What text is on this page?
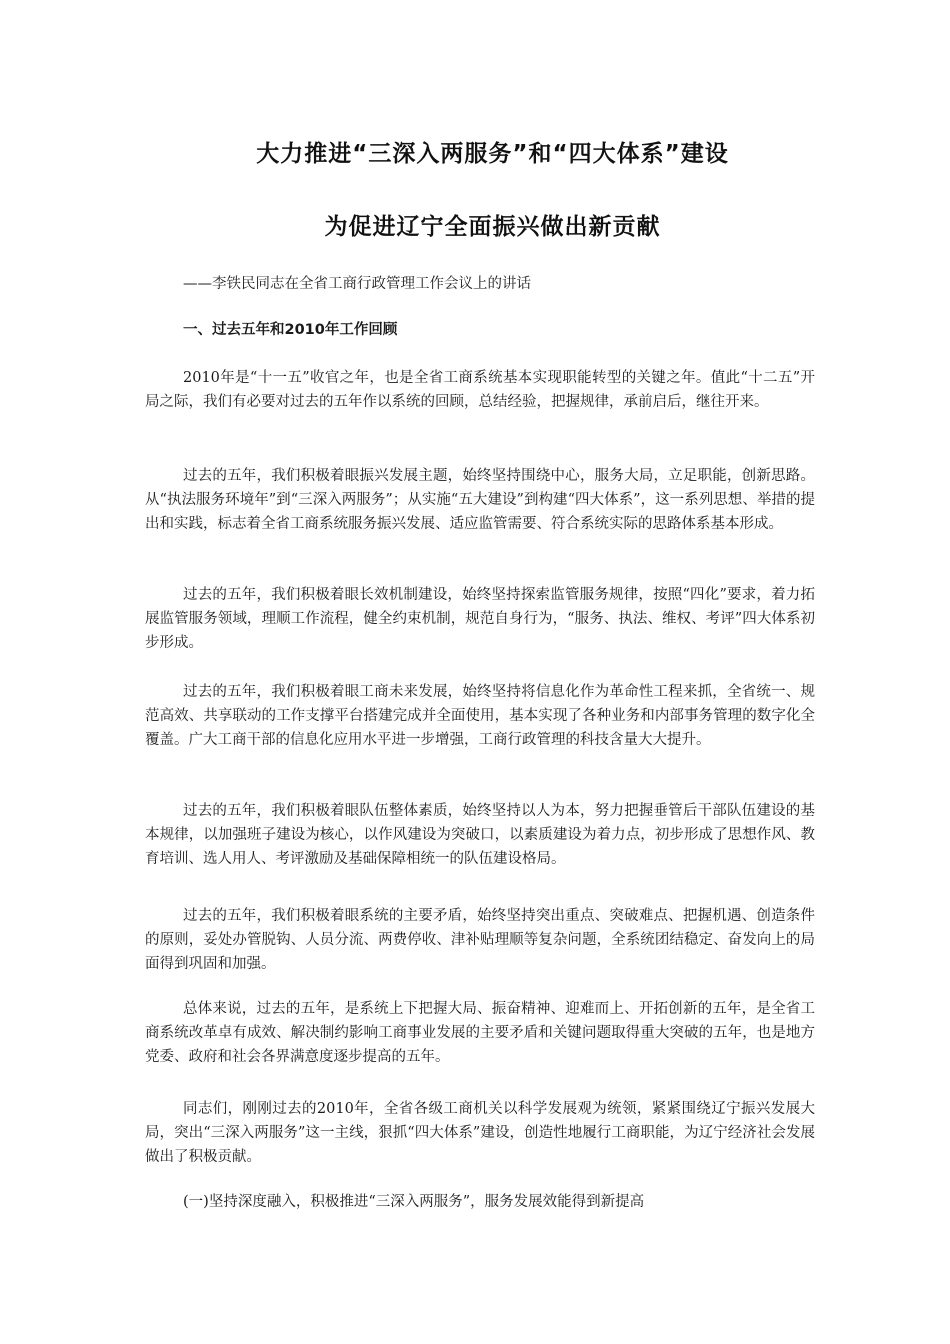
大力推进“三深入两服务”和“四大体系”建设
为促进辽宁全面振兴做出新贡献
——李铁民同志在全省工商行政管理工作会议上的讲话
一、过去五年和2010年工作回顾

2010年是“十一五”收官之年，也是全省工商系统基本实现职能转型的关键之年。值此“十二五”开局之际，我们有必要对过去的五年作以系统的回顾，总结经验，把握规律，承前启后，继往开来。

过去的五年，我们积极着眼振兴发展主题，始终坚持围绕中心，服务大局，立足职能，创新思路。从“执法服务环境年”到“三深入两服务”；从实施“五大建设”到构建“四大体系”，这一系列思想、举措的提出和实践，标志着全省工商系统服务振兴发展、适应监管需要、符合系统实际的思路体系基本形成。

过去的五年，我们积极着眼长效机制建设，始终坚持探索监管服务规律，按照“四化”要求，着力拓展监管服务领域，理顺工作流程，健全约束机制，规范自身行为，“服务、执法、维权、考评”四大体系初步形成。

过去的五年，我们积极着眼工商未来发展，始终坚持将信息化作为革命性工程来抓，全省统一、规范高效、共享联动的工作支撑平台搭建完成并全面使用，基本实现了各种业务和内部事务管理的数字化全覆盖。广大工商干部的信息化应用水平进一步增强，工商行政管理的科技含量大大提升。

过去的五年，我们积极着眼队伍整体素质，始终坚持以人为本，努力把握垂管后干部队伍建设的基本规律，以加强班子建设为核心，以作风建设为突破口，以素质建设为着力点，初步形成了思想作风、教育培训、选人用人、考评激励及基础保障相统一的队伍建设格局。

过去的五年，我们积极着眼系统的主要矛盾，始终坚持突出重点、突破难点、把握机遇、创造条件的原则，妥处办管脱钩、人员分流、两费停收、津补贴理顺等复杂问题，全系统团结稳定、奋发向上的局面得到巩固和加强。

总体来说，过去的五年，是系统上下把握大局、振奋精神、迎难而上、开拓创新的五年，是全省工商系统改革卓有成效、解决制约影响工商事业发展的主要矛盾和关键问题取得重大突破的五年，也是地方党委、政府和社会各界满意度逐步提高的五年。

同志们，刚刚过去的2010年，全省各级工商机关以科学发展观为统领，紧紧围绕辽宁振兴发展大局，突出“三深入两服务”这一主线，狠抓“四大体系”建设，创造性地履行工商职能，为辽宁经济社会发展做出了积极贡献。

(一)坚持深度融入，积极推进“三深入两服务”，服务发展效能得到新提高
